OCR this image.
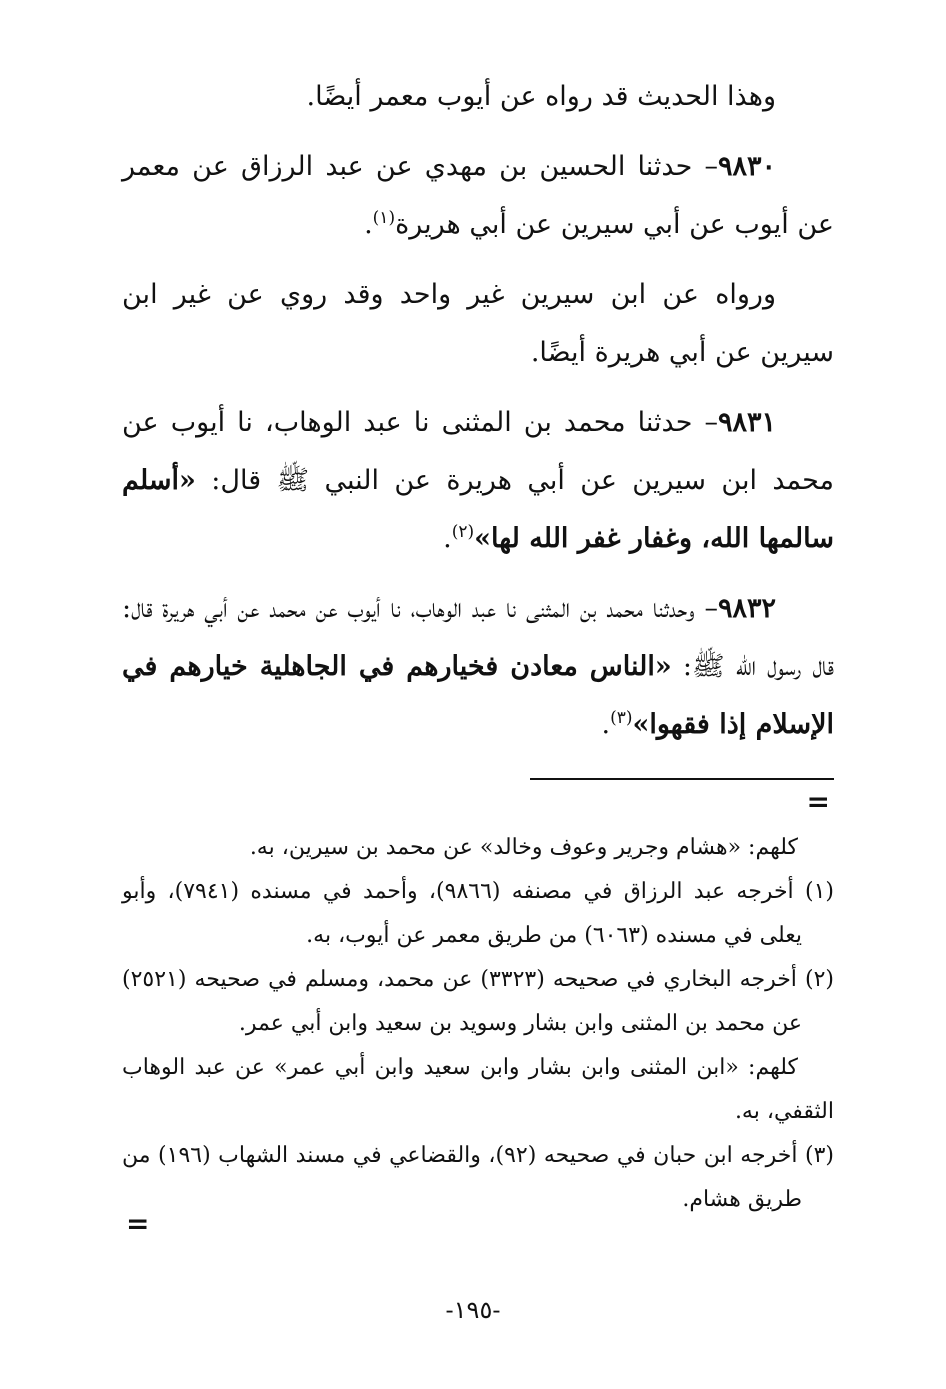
وهذا الحديث قد رواه عن أيوب معمر أيضًا.

٩٨٣٠– حدثنا الحسين بن مهدي عن عبد الرزاق عن معمر عن أيوب عن أبي سيرين عن أبي هريرة$^{(١)}$.

ورواه عن ابن سيرين غير واحد وقد روي عن غير ابن سيرين عن أبي هريرة أيضًا.

٩٨٣١– حدثنا محمد بن المثنى نا عبد الوهاب، نا أيوب عن محمد ابن سيرين عن أبي هريرة عن النبي ﷺ قال: «أسلم سالمها الله، وغفار غفر الله لها»$^{(٢)}$.

٩٨٣٢– وحدثنا محمد بن المثنى نا عبد الوهاب، نا أيوب عن محمد عن أبي هريرة قال: قال رسول الله ﷺ: «الناس معادن فخيارهم في الجاهلية خيارهم في الإسلام إذا فقهوا»$^{(٣)}$.

=

كلهم: «هشام وجرير وعوف وخالد» عن محمد بن سيرين، به.

(١) أخرجه عبد الرزاق في مصنفه (٩٨٦٦)، وأحمد في مسنده (٧٩٤١)، وأبو يعلى في مسنده (٦٠٦٣) من طريق معمر عن أيوب، به.

(٢) أخرجه البخاري في صحيحه (٣٣٢٣) عن محمد، ومسلم في صحيحه (٢٥٢١) عن محمد بن المثنى وابن بشار وسويد بن سعيد وابن أبي عمر.

كلهم: «ابن المثنى وابن بشار وابن سعيد وابن أبي عمر» عن عبد الوهاب الثقفي، به.

(٣) أخرجه ابن حبان في صحيحه (٩٢)، والقضاعي في مسند الشهاب (١٩٦) من طريق هشام.

=
-١٩٥-
